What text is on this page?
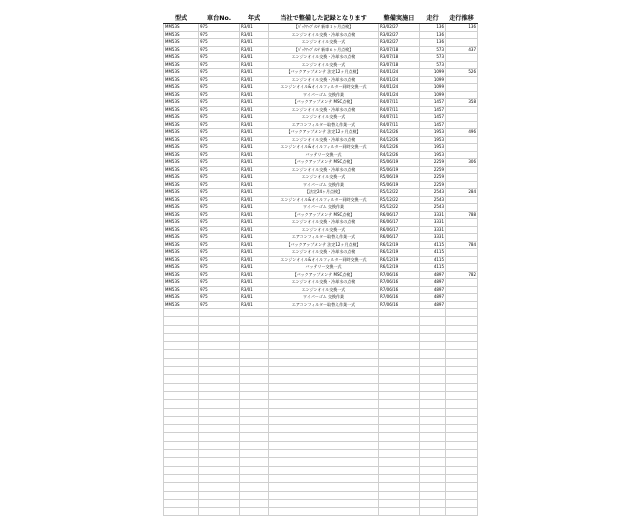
型式	車台No.	年式	当社で整備した記録となります	整備実施日	走行	走行推移
MM53S	975	R3/01	【ﾊﾞｯｸｱｯﾌﾟﾒﾝﾃ 新車１ヶ月点検】	R3/02/27	136	136
MM53S	975	R3/01	エンジンオイル交換・冷却水の点検	R3/02/27	136	
MM53S	975	R3/01	エンジンオイル交換一式	R3/02/27	136	
MM53S	975	R3/01	【ﾊﾞｯｸｱｯﾌﾟﾒﾝﾃ 新車６ヶ月点検】	R3/07/18	573	437
MM53S	975	R3/01	エンジンオイル交換・冷却水の点検	R3/07/18	573	
MM53S	975	R3/01	エンジンオイル交換一式	R3/07/18	573	
MM53S	975	R3/01	【バックアップメンテ 法定12ヶ月点検】	R4/01/24	1099	526
MM53S	975	R3/01	エンジンオイル交換・冷却水の点検	R4/01/24	1099	
MM53S	975	R3/01	エンジンオイル&オイルフィルター同時交換一式	R4/01/24	1099	
MM53S	975	R3/01	ワイパーゴム 交換作業	R4/01/24	1099	
MM53S	975	R3/01	【バックアップメンテ MSC点検】	R4/07/11	1457	358
MM53S	975	R3/01	エンジンオイル交換・冷却水の点検	R4/07/11	1457	
MM53S	975	R3/01	エンジンオイル交換一式	R4/07/11	1457	
MM53S	975	R3/01	エアコンフィルター取替え作業一式	R4/07/11	1457	
MM53S	975	R3/01	【バックアップメンテ 法定12ヶ月点検】	R4/12/26	1953	496
MM53S	975	R3/01	エンジンオイル交換・冷却水の点検	R4/12/26	1953	
MM53S	975	R3/01	エンジンオイル&オイルフィルター同時交換一式	R4/12/26	1953	
MM53S	975	R3/01	バッテリー交換一式	R4/12/26	1953	
MM53S	975	R3/01	【バックアップメンテ MSC点検】	R5/06/19	2259	306
MM53S	975	R3/01	エンジンオイル交換・冷却水の点検	R5/06/19	2259	
MM53S	975	R3/01	エンジンオイル交換一式	R5/06/19	2259	
MM53S	975	R3/01	ワイパーゴム 交換作業	R5/06/19	2259	
MM53S	975	R3/01	【法定24ヶ月点検】	R5/12/22	2543	284
MM53S	975	R3/01	エンジンオイル&オイルフィルター同時交換一式	R5/12/22	2543	
MM53S	975	R3/01	ワイパーゴム 交換作業	R5/12/22	2543	
MM53S	975	R3/01	【バックアップメンテ MSC点検】	R6/06/17	3331	788
MM53S	975	R3/01	エンジンオイル交換・冷却水の点検	R6/06/17	3331	
MM53S	975	R3/01	エンジンオイル交換一式	R6/06/17	3331	
MM53S	975	R3/01	エアコンフィルター取替え作業一式	R6/06/17	3331	
MM53S	975	R3/01	【バックアップメンテ 法定12ヶ月点検】	R6/12/19	4115	784
MM53S	975	R3/01	エンジンオイル交換・冷却水の点検	R6/12/19	4115	
MM53S	975	R3/01	エンジンオイル&オイルフィルター同時交換一式	R6/12/19	4115	
MM53S	975	R3/01	バッテリー交換一式	R6/12/19	4115	
MM53S	975	R3/01	【バックアップメンテ MSC点検】	R7/06/16	4897	782
MM53S	975	R3/01	エンジンオイル交換・冷却水の点検	R7/06/16	4897	
MM53S	975	R3/01	エンジンオイル交換一式	R7/06/16	4897	
MM53S	975	R3/01	ワイパーゴム 交換作業	R7/06/16	4897	
MM53S	975	R3/01	エアコンフィルター取替え作業一式	R7/06/16	4897	
